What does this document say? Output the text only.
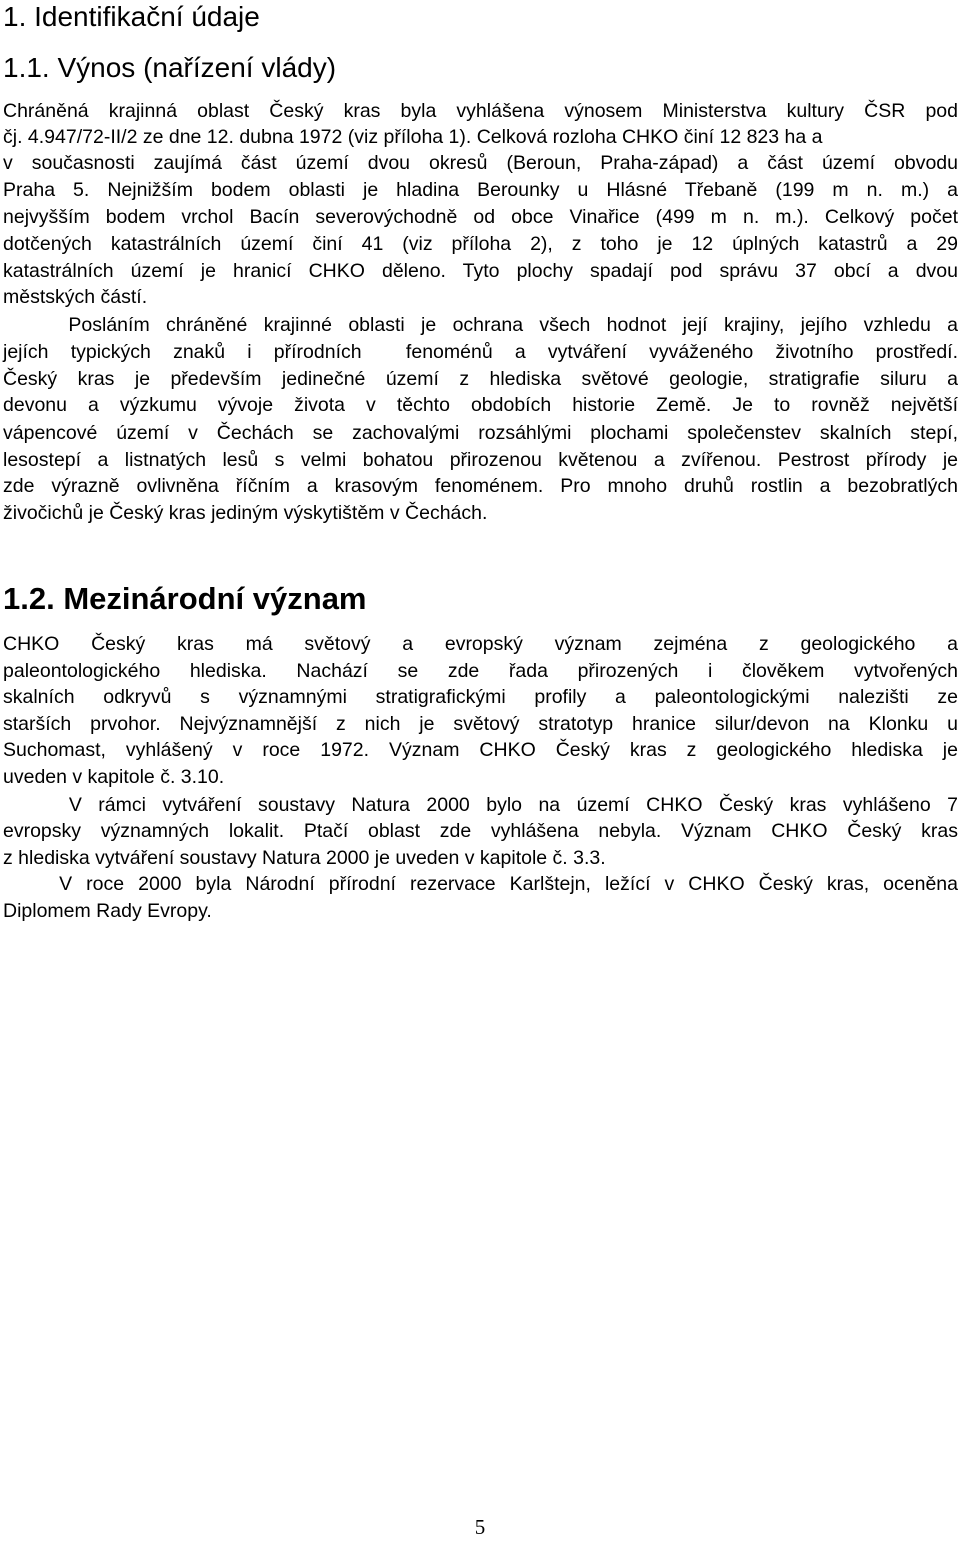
1. Identifikační údaje
1.1. Výnos (nařízení vlády)
Chráněná krajinná oblast Český kras byla vyhlášena výnosem Ministerstva kultury ČSR pod
čj. 4.947/72-II/2 ze dne 12. dubna 1972 (viz příloha 1). Celková rozloha CHKO činí 12 823 ha a
v současnosti zaujímá část území dvou okresů (Beroun, Praha-západ) a část území obvodu
Praha 5. Nejnižším bodem oblasti je hladina Berounky u Hlásné Třebaně (199 m n. m.) a
nejvyšším bodem vrchol Bacín severovýchodně od obce Vinařice (499 m n. m.). Celkový počet
dotčených katastrálních území činí 41 (viz příloha 2), z toho je 12 úplných katastrů a 29
katastrálních území je hranicí CHKO děleno. Tyto plochy spadají pod správu 37 obcí a dvou
městských částí.
Posláním chráněné krajinné oblasti je ochrana všech hodnot její krajiny, jejího vzhledu a
jejích typických znaků i přírodních  fenoménů a vytváření vyváženého životního prostředí.
Český kras je především jedinečné území z hlediska světové geologie, stratigrafie siluru a
devonu a výzkumu vývoje života v těchto obdobích historie Země. Je to rovněž největší
vápencové území v Čechách se zachovalými rozsáhlými plochami společenstev skalních stepí,
lesostepí a listnatých lesů s velmi bohatou přirozenou květenou a zvířenou. Pestrost přírody je
zde výrazně ovlivněna říčním a krasovým fenoménem. Pro mnoho druhů rostlin a bezobratlých
živočichů je Český kras jediným výskytištěm v Čechách.
1.2. Mezinárodní význam
CHKO Český kras má světový a evropský význam zejména z geologického a
paleontologického hlediska. Nachází se zde řada přirozených i člověkem vytvořených
skalních odkryvů s významnými stratigrafickými profily a paleontologickými nalezišti ze
starších prvohor. Nejvýznamnější z nich je světový stratotyp hranice silur/devon na Klonku u
Suchomast, vyhlášený v roce 1972. Význam CHKO Český kras z geologického hlediska je
uveden v kapitole č. 3.10.
V rámci vytváření soustavy Natura 2000 bylo na území CHKO Český kras vyhlášeno 7
evropsky významných lokalit. Ptačí oblast zde vyhlášena nebyla. Význam CHKO Český kras
z hlediska vytváření soustavy Natura 2000 je uveden v kapitole č. 3.3.
V roce 2000 byla Národní přírodní rezervace Karlštejn, ležící v CHKO Český kras, oceněna
Diplomem Rady Evropy.
5
